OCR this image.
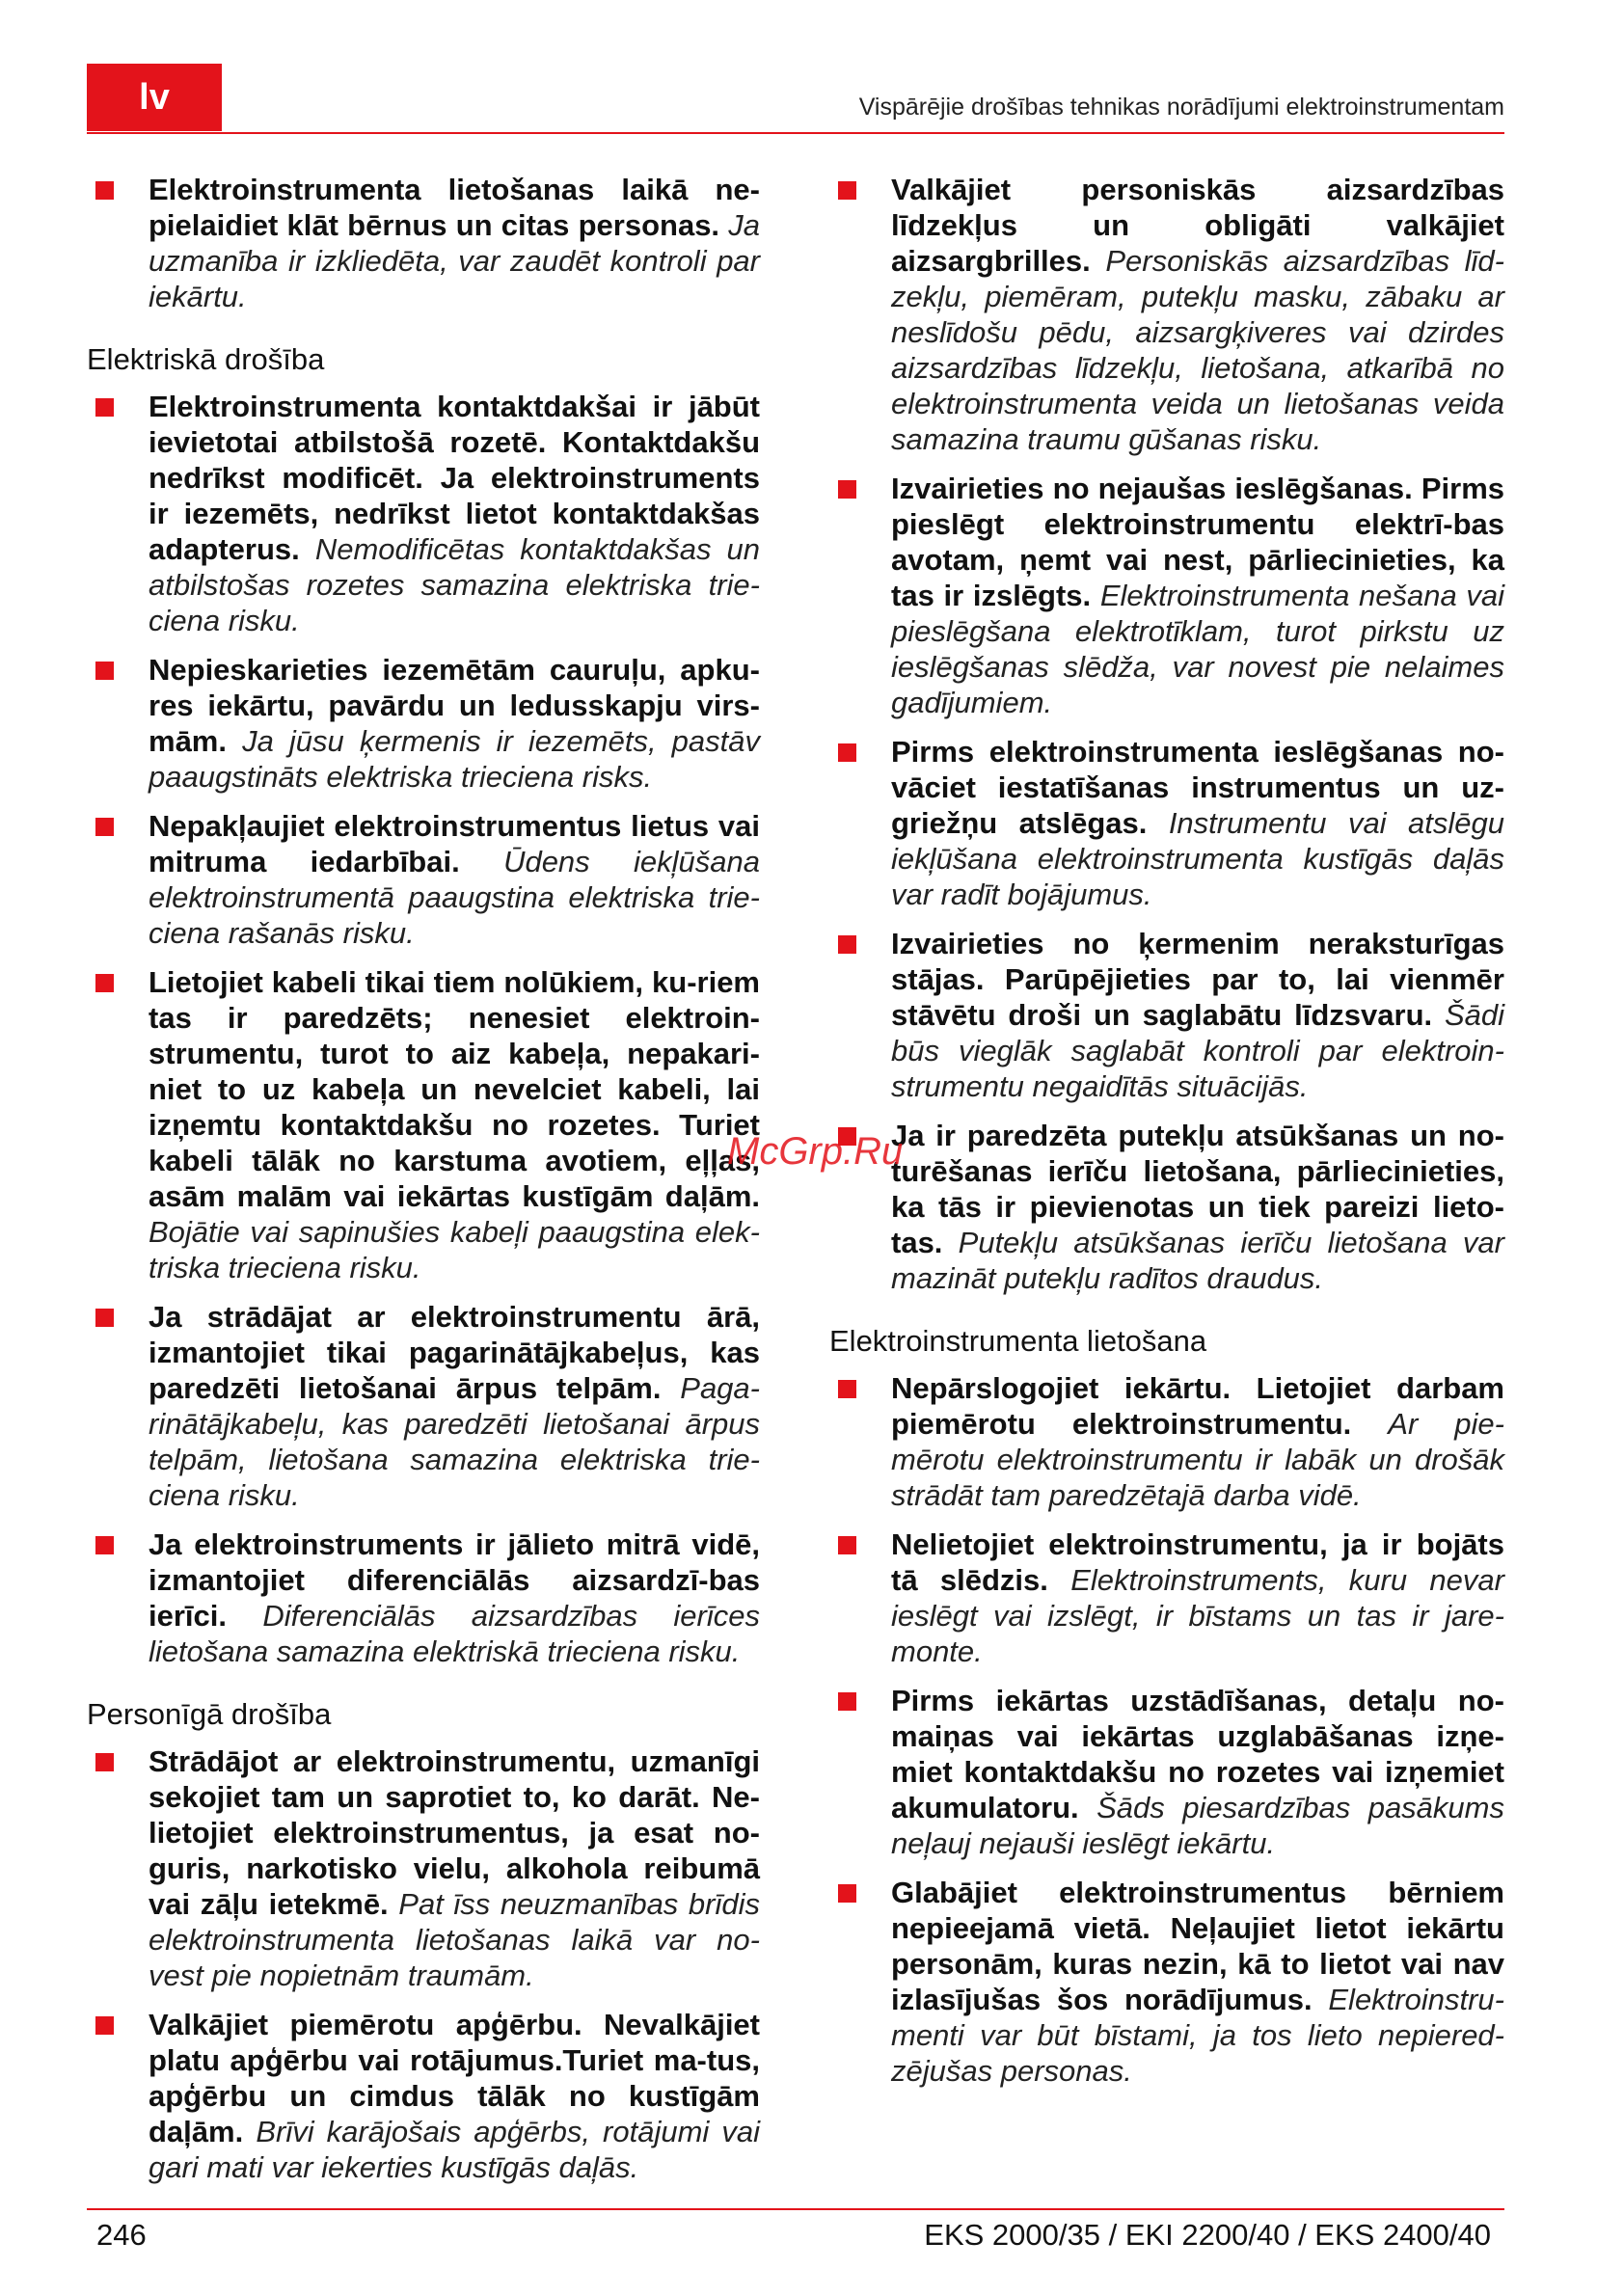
lv	Vispārējie drošības tehnikas norādījumi elektroinstrumentam

Elektroinstrumenta lietošanas laikā ne-pielaidiet klāt bērnus un citas personas. Ja uzmanība ir izkliedēta, var zaudēt kontroli par iekārtu.

Elektriskā drošība

Elektroinstrumenta kontaktdakšai ir jābūt ievietotai atbilstošā rozetē. Kontaktdakšu nedrīkst modificēt. Ja elektroinstruments ir iezemēts, nedrīkst lietot kontaktdakšas adapterus. Nemodificētas kontaktdakšas un atbilstošas rozetes samazina elektriska trie-ciena risku.

Nepieskarieties iezemētām cauruļu, apku-res iekārtu, pavārdu un ledusskapju virs-mām. Ja jūsu ķermenis ir iezemēts, pastāv paaugstināts elektriska trieciena risks.

Nepakļaujiet elektroinstrumentus lietus vai mitruma iedarbībai. Ūdens iekļūšana elektroinstrumentā paaugstina elektriska trie-ciena rašanās risku.

Lietojiet kabeli tikai tiem nolūkiem, ku-riem tas ir paredzēts; nenesiet elektroin-strumentu, turot to aiz kabeļa, nepakari-niet to uz kabeļa un nevelciet kabeli, lai izņemtu kontaktdakšu no rozetes. Turiet kabeli tālāk no karstuma avotiem, eļļas, asām malām vai iekārtas kustīgām daļām. Bojātie vai sapinušies kabeļi paaugstina elek-triska trieciena risku.

Ja strādājat ar elektroinstrumentu ārā, izmantojiet tikai pagarinātājkabeļus, kas paredzēti lietošanai ārpus telpām. Paga-rinātājkabeļu, kas paredzēti lietošanai ārpus telpām, lietošana samazina elektriska trie-ciena risku.

Ja elektroinstruments ir jālieto mitrā vidē, izmantojiet diferenciālās aizsardzī-bas ierīci. Diferenciālās aizsardzības ierīces lietošana samazina elektriskā trieciena risku.

Personīgā drošība

Strādājot ar elektroinstrumentu, uzmanīgi sekojiet tam un saprotiet to, ko darāt. Ne-lietojiet elektroinstrumentus, ja esat no-guris, narkotisko vielu, alkohola reibumā vai zāļu ietekmē. Pat īss neuzmanības brīdis elektroinstrumenta lietošanas laikā var no-vest pie nopietnām traumām.

Valkājiet piemērotu apģērbu. Nevalkājiet platu apģērbu vai rotājumus.Turiet ma-tus, apģērbu un cimdus tālāk no kustīgām daļām. Brīvi karājošais apģērbs, rotājumi vai gari mati var iekerties kustīgās daļās.

Valkājiet personiskās aizsardzības līdzekļus un obligāti valkājiet aizsargbrilles. Personiskās aizsardzības līd-zekļu, piemēram, putekļu masku, zābaku ar neslīdošu pēdu, aizsargķiveres vai dzirdes aizsardzības līdzekļu, lietošana, atkarībā no elektroinstrumenta veida un lietošanas veida samazina traumu gūšanas risku.

Izvairieties no nejaušas ieslēgšanas. Pirms pieslēgt elektroinstrumentu elektrī-bas avotam, ņemt vai nest, pārliecinieties, ka tas ir izslēgts. Elektroinstrumenta nešana vai pieslēgšana elektrotīklam, turot pirkstu uz ieslēgšanas slēdža, var novest pie nelaimes gadījumiem.

Pirms elektroinstrumenta ieslēgšanas no-vāciet iestatīšanas instrumentus un uz-griežņu atslēgas. Instrumentu vai atslēgu iekļūšana elektroinstrumenta kustīgās daļās var radīt bojājumus.

Izvairieties no ķermenim neraksturīgas stājas. Parūpējieties par to, lai vienmēr stāvētu droši un saglabātu līdzsvaru. Šādi būs vieglāk saglabāt kontroli par elektroin-strumentu negaidītās situācijās.

Ja ir paredzēta putekļu atsūkšanas un no-turēšanas ierīču lietošana, pārliecinieties, ka tās ir pievienotas un tiek pareizi lieto-tas. Putekļu atsūkšanas ierīču lietošana var mazināt putekļu radītos draudus.

Elektroinstrumenta lietošana

Nepārslogojiet iekārtu. Lietojiet darbam piemērotu elektroinstrumentu. Ar pie-mērotu elektroinstrumentu ir labāk un drošāk strādāt tam paredzētajā darba vidē.

Nelietojiet elektroinstrumentu, ja ir bojāts tā slēdzis. Elektroinstruments, kuru nevar ieslēgt vai izslēgt, ir bīstams un tas ir jare-monte.

Pirms iekārtas uzstādīšanas, detaļu no-maiņas vai iekārtas uzglabāšanas izņe-miet kontaktdakšu no rozetes vai izņemiet akumulatoru. Šāds piesardzības pasākums neļauj nejauši ieslēgt iekārtu.

Glabājiet elektroinstrumentus bērniem nepieejamā vietā. Neļaujiet lietot iekārtu personām, kuras nezin, kā to lietot vai nav izlasījušas šos norādījumus. Elektroinstru-menti var būt bīstami, ja tos lieto nepiered-zējušas personas.

McGrp.Ru
246	EKS 2000/35 / EKI 2200/40 / EKS 2400/40
